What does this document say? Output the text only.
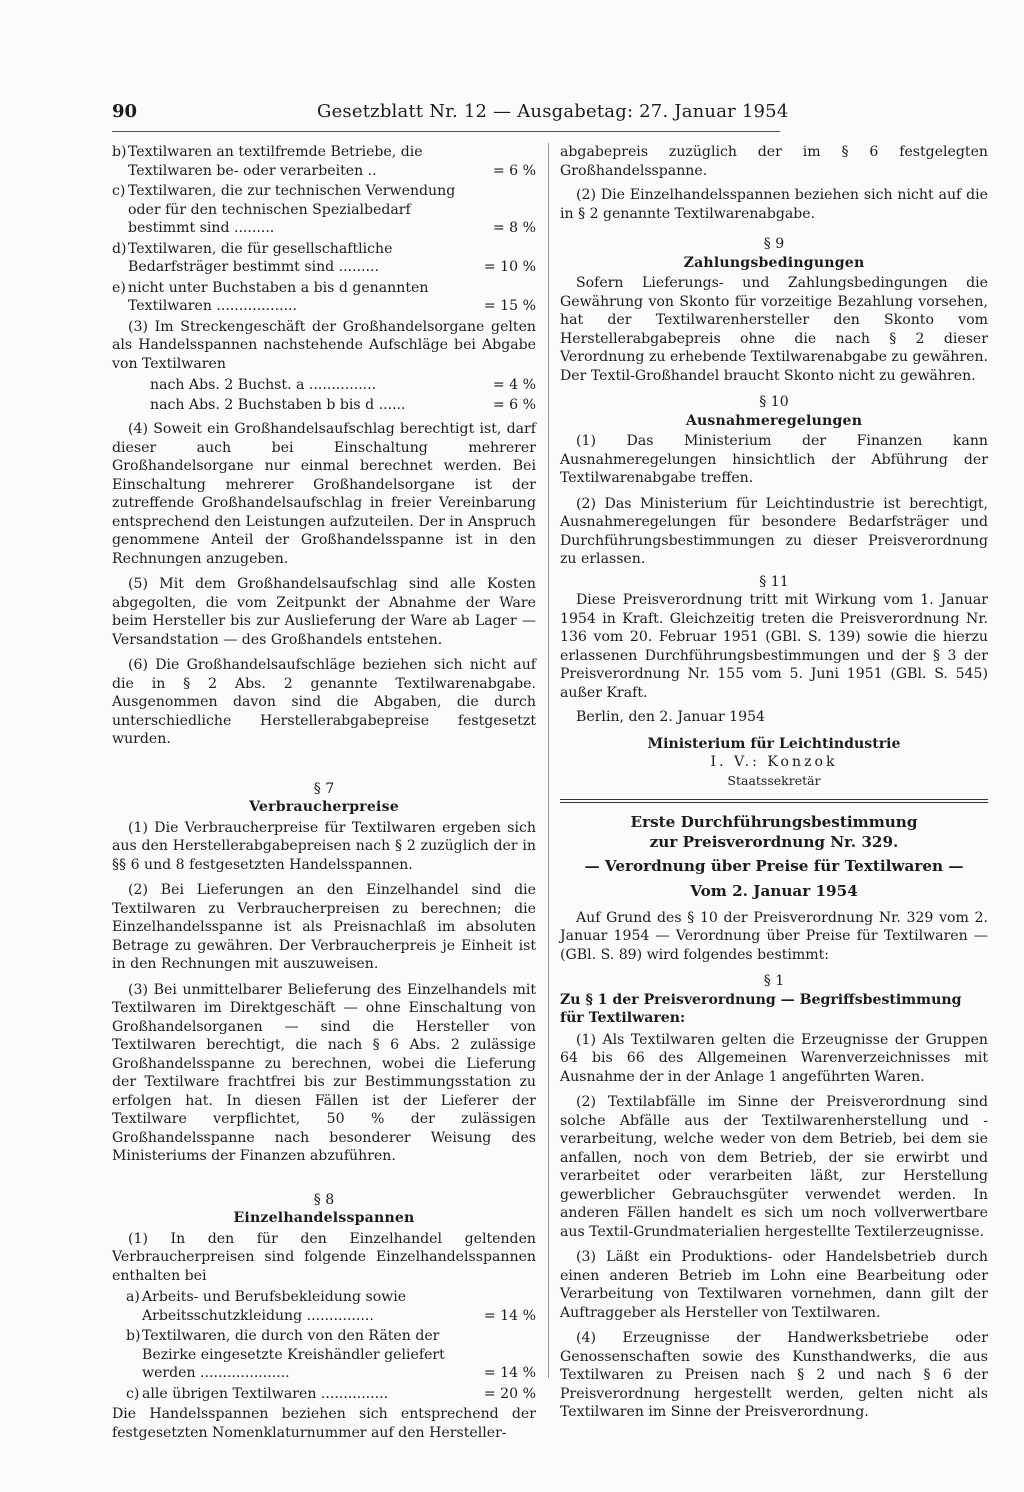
90	Gesetzblatt Nr. 12 — Ausgabetag: 27. Januar 1954
b) Textilwaren an textilfremde Betriebe, die Textilwaren be- oder verarbeiten ..	= 6 %
c) Textilwaren, die zur technischen Verwendung oder für den technischen Spezialbedarf bestimmt sind .........	= 8 %
d) Textilwaren, die für gesellschaftliche Bedarfsträger bestimmt sind .........	= 10 %
e) nicht unter Buchstaben a bis d genannten Textilwaren ..................	= 15 %

(3) Im Streckengeschäft der Großhandelsorgane gelten als Handelsspannen nachstehende Aufschläge bei Abgabe von Textilwaren

nach Abs. 2 Buchst. a ...............	= 4 %
nach Abs. 2 Buchstaben b bis d ......	= 6 %

(4) Soweit ein Großhandelsaufschlag berechtigt ist, darf dieser auch bei Einschaltung mehrerer Großhandelsorgane nur einmal berechnet werden. Bei Einschaltung mehrerer Großhandelsorgane ist der zutreffende Großhandelsaufschlag in freier Vereinbarung entsprechend den Leistungen aufzuteilen. Der in Anspruch genommene Anteil der Großhandelsspanne ist in den Rechnungen anzugeben.

(5) Mit dem Großhandelsaufschlag sind alle Kosten abgegolten, die vom Zeitpunkt der Abnahme der Ware beim Hersteller bis zur Auslieferung der Ware ab Lager — Versandstation — des Großhandels entstehen.

(6) Die Großhandelsaufschläge beziehen sich nicht auf die in § 2 Abs. 2 genannte Textilwarenabgabe. Ausgenommen davon sind die Abgaben, die durch unterschiedliche Herstellerabgabepreise festgesetzt wurden.

§ 7

Verbraucherpreise

(1) Die Verbraucherpreise für Textilwaren ergeben sich aus den Herstellerabgabepreisen nach § 2 zuzüglich der in §§ 6 und 8 festgesetzten Handelsspannen.

(2) Bei Lieferungen an den Einzelhandel sind die Textilwaren zu Verbraucherpreisen zu berechnen; die Einzelhandelsspanne ist als Preisnachlaß im absoluten Betrage zu gewähren. Der Verbraucherpreis je Einheit ist in den Rechnungen mit auszuweisen.

(3) Bei unmittelbarer Belieferung des Einzelhandels mit Textilwaren im Direktgeschäft — ohne Einschaltung von Großhandelsorganen — sind die Hersteller von Textilwaren berechtigt, die nach § 6 Abs. 2 zulässige Großhandelsspanne zu berechnen, wobei die Lieferung der Textilware frachtfrei bis zur Bestimmungsstation zu erfolgen hat. In diesen Fällen ist der Lieferer der Textilware verpflichtet, 50 % der zulässigen Großhandelsspanne nach besonderer Weisung des Ministeriums der Finanzen abzuführen.

§ 8

Einzelhandelsspannen

(1) In den für den Einzelhandel geltenden Verbraucherpreisen sind folgende Einzelhandelsspannen enthalten bei

a) Arbeits- und Berufsbekleidung sowie Arbeitsschutzkleidung ...............	= 14 %
b) Textilwaren, die durch von den Räten der Bezirke eingesetzte Kreishändler geliefert werden ....................	= 14 %
c) alle übrigen Textilwaren ...............	= 20 %

Die Handelsspannen beziehen sich entsprechend der festgesetzten Nomenklaturnummer auf den Hersteller-

abgabepreis zuzüglich der im § 6 festgelegten Großhandelsspanne.

(2) Die Einzelhandelsspannen beziehen sich nicht auf die in § 2 genannte Textilwarenabgabe.

§ 9

Zahlungsbedingungen

Sofern Lieferungs- und Zahlungsbedingungen die Gewährung von Skonto für vorzeitige Bezahlung vorsehen, hat der Textilwarenhersteller den Skonto vom Herstellerabgabepreis ohne die nach § 2 dieser Verordnung zu erhebende Textilwarenabgabe zu gewähren. Der Textil-Großhandel braucht Skonto nicht zu gewähren.

§ 10

Ausnahmeregelungen

(1) Das Ministerium der Finanzen kann Ausnahmeregelungen hinsichtlich der Abführung der Textilwarenabgabe treffen.

(2) Das Ministerium für Leichtindustrie ist berechtigt, Ausnahmeregelungen für besondere Bedarfsträger und Durchführungsbestimmungen zu dieser Preisverordnung zu erlassen.

§ 11

Diese Preisverordnung tritt mit Wirkung vom 1. Januar 1954 in Kraft. Gleichzeitig treten die Preisverordnung Nr. 136 vom 20. Februar 1951 (GBl. S. 139) sowie die hierzu erlassenen Durchführungsbestimmungen und der § 3 der Preisverordnung Nr. 155 vom 5. Juni 1951 (GBl. S. 545) außer Kraft.

Berlin, den 2. Januar 1954

Ministerium für Leichtindustrie

I. V.: Konzok

Staatssekretär

Erste Durchführungsbestimmung

zur Preisverordnung Nr. 329.

— Verordnung über Preise für Textilwaren —

Vom 2. Januar 1954

Auf Grund des § 10 der Preisverordnung Nr. 329 vom 2. Januar 1954 — Verordnung über Preise für Textilwaren — (GBl. S. 89) wird folgendes bestimmt:

§ 1

Zu § 1 der Preisverordnung — Begriffsbestimmung für Textilwaren:

(1) Als Textilwaren gelten die Erzeugnisse der Gruppen 64 bis 66 des Allgemeinen Warenverzeichnisses mit Ausnahme der in der Anlage 1 angeführten Waren.

(2) Textilabfälle im Sinne der Preisverordnung sind solche Abfälle aus der Textilwarenherstellung und -verarbeitung, welche weder von dem Betrieb, bei dem sie anfallen, noch von dem Betrieb, der sie erwirbt und verarbeitet oder verarbeiten läßt, zur Herstellung gewerblicher Gebrauchsgüter verwendet werden. In anderen Fällen handelt es sich um noch vollverwertbare aus Textil-Grundmaterialien hergestellte Textilerzeugnisse.

(3) Läßt ein Produktions- oder Handelsbetrieb durch einen anderen Betrieb im Lohn eine Bearbeitung oder Verarbeitung von Textilwaren vornehmen, dann gilt der Auftraggeber als Hersteller von Textilwaren.

(4) Erzeugnisse der Handwerksbetriebe oder Genossenschaften sowie des Kunsthandwerks, die aus Textilwaren zu Preisen nach § 2 und nach § 6 der Preisverordnung hergestellt werden, gelten nicht als Textilwaren im Sinne der Preisverordnung.
